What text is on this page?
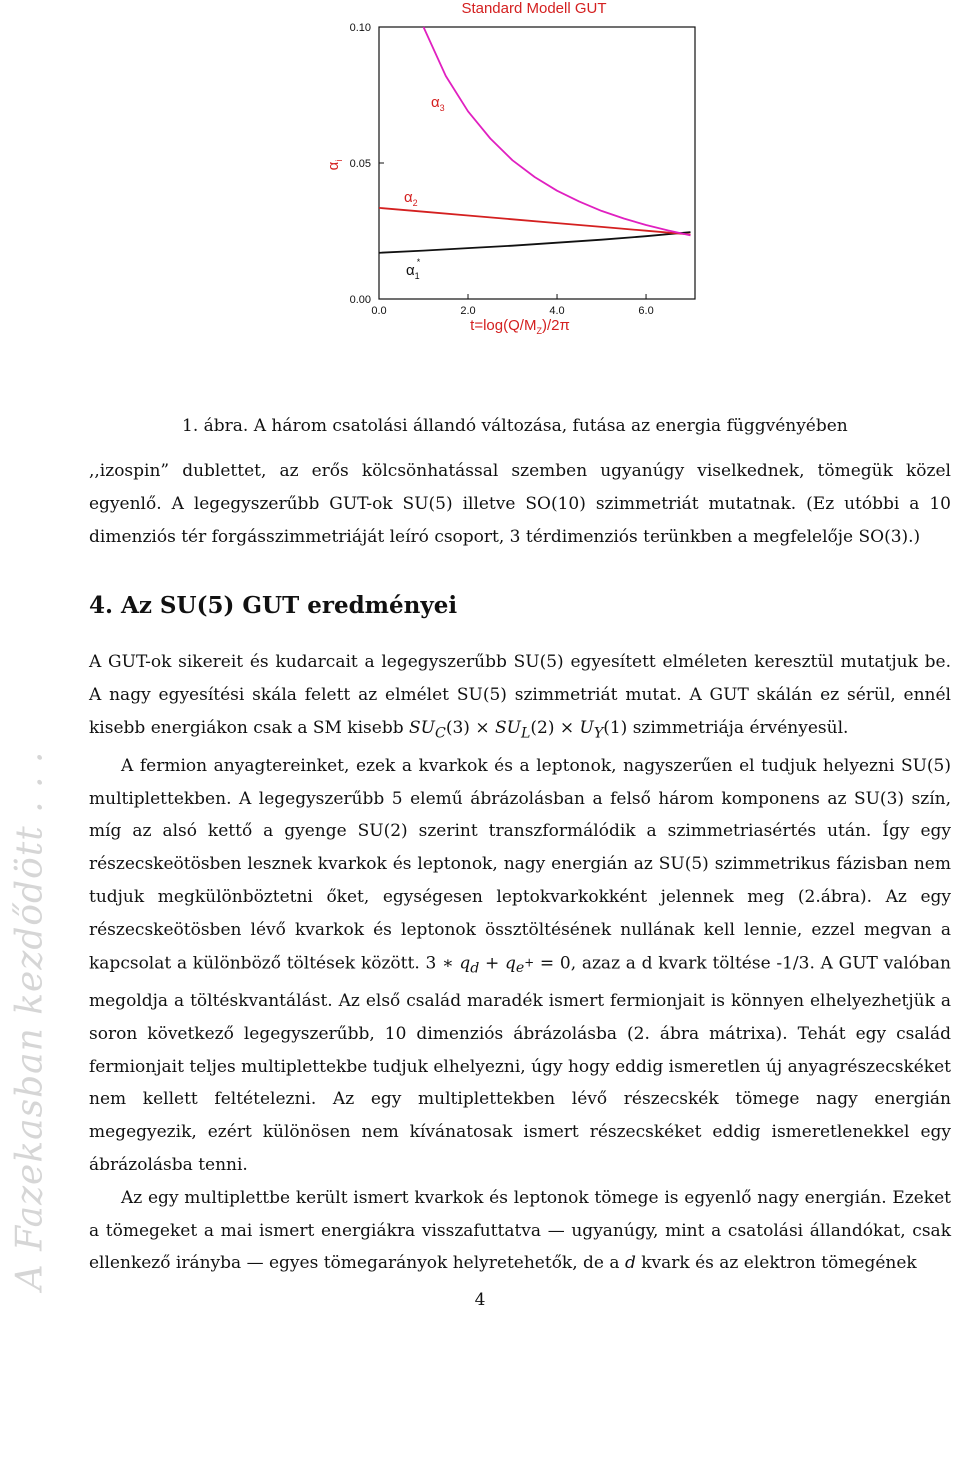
A Fazekasban kezdődött . . .
Standard Modell GUT
0.0	2.0	4.0	6.0
0.00
0.05
0.10
$\alpha_3$
$\alpha_2$
$\alpha_1*$
$t=\log(Q/M_Z)/2\pi$
$\alpha_i$
1. ábra. A három csatolási állandó változása, futása az energia függvényében

,,izospin” dublettet, az erős kölcsönhatással szemben ugyanúgy viselkednek, tömegük közel egyenlő. A legegyszerűbb GUT-ok SU(5) illetve SO(10) szimmetriát mutatnak. (Ez utóbbi a 10 dimenziós tér forgásszimmetriáját leíró csoport, 3 térdimenziós terünkben a megfelelője SO(3).)

4. Az SU(5) GUT eredményei
A GUT-ok sikereit és kudarcait a legegyszerűbb SU(5) egyesített elméleten keresztül mutatjuk be. A nagy egyesítési skála felett az elmélet SU(5) szimmetriát mutat. A GUT skálán ez sérül, ennél kisebb energiákon csak a SM kisebb $SU_C(3) \times SU_L(2) \times U_Y(1)$ szimmetriája érvényesül.
A fermion anyagtereinket, ezek a kvarkok és a leptonok, nagyszerűen el tudjuk helyezni SU(5) multiplettekben. A legegyszerűbb 5 elemű ábrázolásban a felső három komponens az SU(3) szín, míg az alsó kettő a gyenge SU(2) szerint transzformálódik a szimmetriasértés után. Így egy részecskeötösben lesznek kvarkok és leptonok, nagy energián az SU(5) szimmetrikus fázisban nem tudjuk megkülönböztetni őket, egységesen leptokvarkokként jelennek meg (2.ábra). Az egy részecskeötösben lévő kvarkok és leptonok össztöltésének nullának kell lennie, ezzel megvan a kapcsolat a különböző töltések között. 3 ∗ $q_d + q_{e^+} = 0$, azaz a d kvark töltése -1/3. A GUT valóban megoldja a töltéskvantálást. Az első család maradék ismert fermionjait is könnyen elhelyezhetjük a soron következő legegyszerűbb, 10 dimenziós ábrázolásba (2. ábra mátrixa). Tehát egy család fermionjait teljes multiplettekbe tudjuk elhelyezni, úgy hogy eddig ismeretlen új anyagrészecskéket nem kellett feltételezni. Az egy multiplettekben lévő részecskék tömege nagy energián megegyezik, ezért különösen nem kívánatosak ismert részecskéket eddig ismeretlenekkel egy ábrázolásba tenni.
Az egy multiplettbe került ismert kvarkok és leptonok tömege is egyenlő nagy energián. Ezeket a tömegeket a mai ismert energiákra visszafuttatva — ugyanúgy, mint a csatolási állandókat, csak ellenkező irányba — egyes tömegarányok helyretehetők, de a d kvark és az elektron tömegének
4
